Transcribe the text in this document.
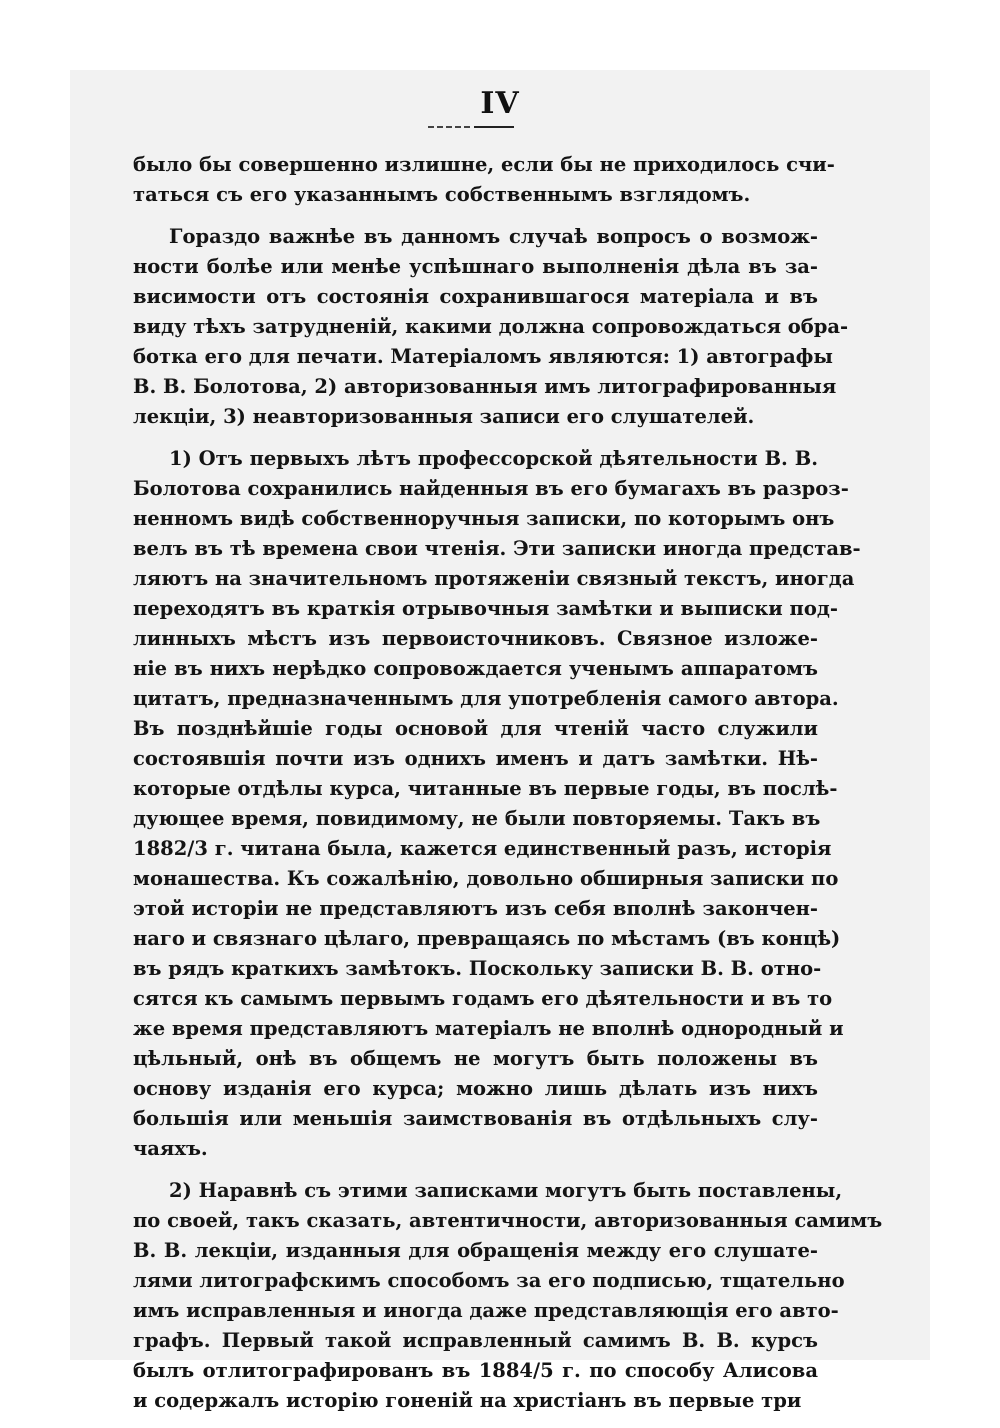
IV
было бы совершенно излишне, если бы не приходилось счи-
таться съ его указаннымъ собственнымъ взглядомъ.
Гораздо важнѣе въ данномъ случаѣ вопросъ о возмож-
ности болѣе или менѣе успѣшнаго выполненія дѣла въ за-
висимости отъ состоянія сохранившагося матеріала и въ
виду тѣхъ затрудненій, какими должна сопровождаться обра-
ботка его для печати. Матеріаломъ являются: 1) автографы
В. В. Болотова, 2) авторизованныя имъ литографированныя
лекціи, 3) неавторизованныя записи его слушателей.
1) Отъ первыхъ лѣтъ профессорской дѣятельности В. В.
Болотова сохранились найденныя въ его бумагахъ въ разроз-
ненномъ видѣ собственноручныя записки, по которымъ онъ
велъ въ тѣ времена свои чтенія. Эти записки иногда представ-
ляютъ на значительномъ протяженіи связный текстъ, иногда
переходятъ въ краткія отрывочныя замѣтки и выписки под-
линныхъ мѣстъ изъ первоисточниковъ. Связное изложе-
ніе въ нихъ нерѣдко сопровождается ученымъ аппаратомъ
цитатъ, предназначеннымъ для употребленія самого автора.
Въ позднѣйшіе годы основой для чтеній часто служили
состоявшія почти изъ однихъ именъ и датъ замѣтки. Нѣ-
которые отдѣлы курса, читанные въ первые годы, въ послѣ-
дующее время, повидимому, не были повторяемы. Такъ въ
1882/3 г. читана была, кажется единственный разъ, исторія
монашества. Къ сожалѣнію, довольно обширныя записки по
этой исторіи не представляютъ изъ себя вполнѣ закончен-
наго и связнаго цѣлаго, превращаясь по мѣстамъ (въ концѣ)
въ рядъ краткихъ замѣтокъ. Поскольку записки В. В. отно-
сятся къ самымъ первымъ годамъ его дѣятельности и въ то
же время представляютъ матеріалъ не вполнѣ однородный и
цѣльный, онѣ въ общемъ не могутъ быть положены въ
основу изданія его курса; можно лишь дѣлать изъ нихъ
большія или меньшія заимствованія въ отдѣльныхъ слу-
чаяхъ.
2) Наравнѣ съ этими записками могутъ быть поставлены,
по своей, такъ сказать, автентичности, авторизованныя самимъ
В. В. лекціи, изданныя для обращенія между его слушате-
лями литографскимъ способомъ за его подписью, тщательно
имъ исправленныя и иногда даже представляющія его авто-
графъ. Первый такой исправленный самимъ В. В. курсъ
былъ отлитографированъ въ 1884/5 г. по способу Алисова
и содержалъ исторію гоненій на христіанъ въ первые три
